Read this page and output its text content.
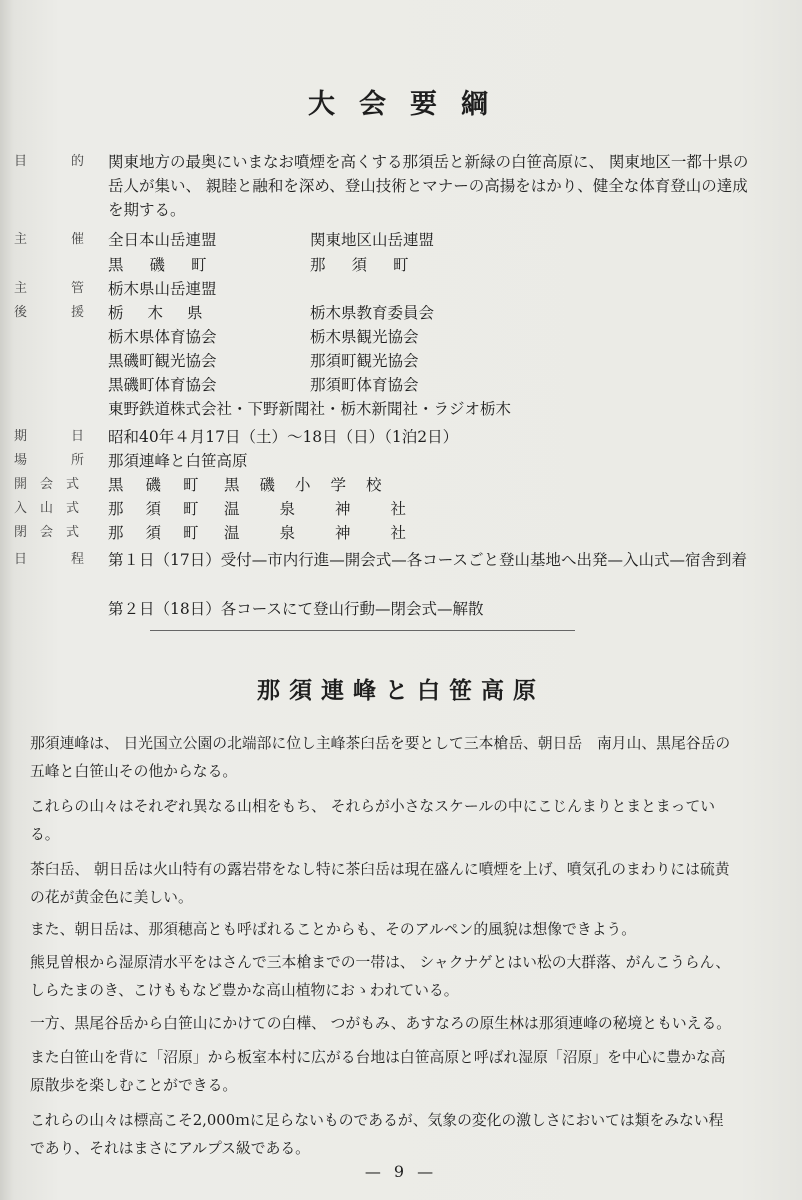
大会要綱
目的
関東地方の最奥にいまなお噴煙を高くする那須岳と新緑の白笹高原に、 関東地区一都十県の岳人が集い、 親睦と融和を深め、登山技術とマナーの高揚をはかり、健全な体育登山の達成を期する。
主催
全日本山岳連盟	関東地区山岳連盟
黒磯町	那須町
主管
栃木県山岳連盟
後援
栃木県	栃木県教育委員会
栃木県体育協会	栃木県観光協会
黒磯町観光協会	那須町観光協会
黒磯町体育協会	那須町体育協会
東野鉄道株式会社・下野新聞社・栃木新聞社・ラジオ栃木
期日
昭和40年４月17日（土）～18日（日）（1泊2日）
場所
那須連峰と白笹高原
開会式 黒磯町 黒磯小学校
入山式 那須町 温泉神社
閉会式 那須町 温泉神社
日程
第１日（17日）受付—市内行進—開会式—各コースごと登山基地へ出発—入山式—宿舎到着
第２日（18日）各コースにて登山行動—閉会式—解散
那須連峰と白笹高原

那須連峰は、 日光国立公園の北端部に位し主峰茶臼岳を要として三本槍岳、朝日岳　南月山、黒尾谷岳の五峰と白笹山その他からなる。

これらの山々はそれぞれ異なる山相をもち、 それらが小さなスケールの中にこじんまりとまとまっている。

茶臼岳、 朝日岳は火山特有の露岩帯をなし特に茶臼岳は現在盛んに噴煙を上げ、噴気孔のまわりには硫黄の花が黄金色に美しい。

また、朝日岳は、那須穂高とも呼ばれることからも、そのアルペン的風貌は想像できよう。

熊見曽根から湿原清水平をはさんで三本槍までの一帯は、 シャクナゲとはい松の大群落、がんこうらん、しらたまのき、こけももなど豊かな高山植物におゝわれている。

一方、黒尾谷岳から白笹山にかけての白樺、 つがもみ、あすなろの原生林は那須連峰の秘境ともいえる。

また白笹山を背に「沼原」から板室本村に広がる台地は白笹高原と呼ばれ湿原「沼原」を中心に豊かな高原散歩を楽しむことができる。

これらの山々は標高こそ2,000ｍに足らないものであるが、気象の変化の激しさにおいては類をみない程であり、それはまさにアルプス級である。

— 9 —
